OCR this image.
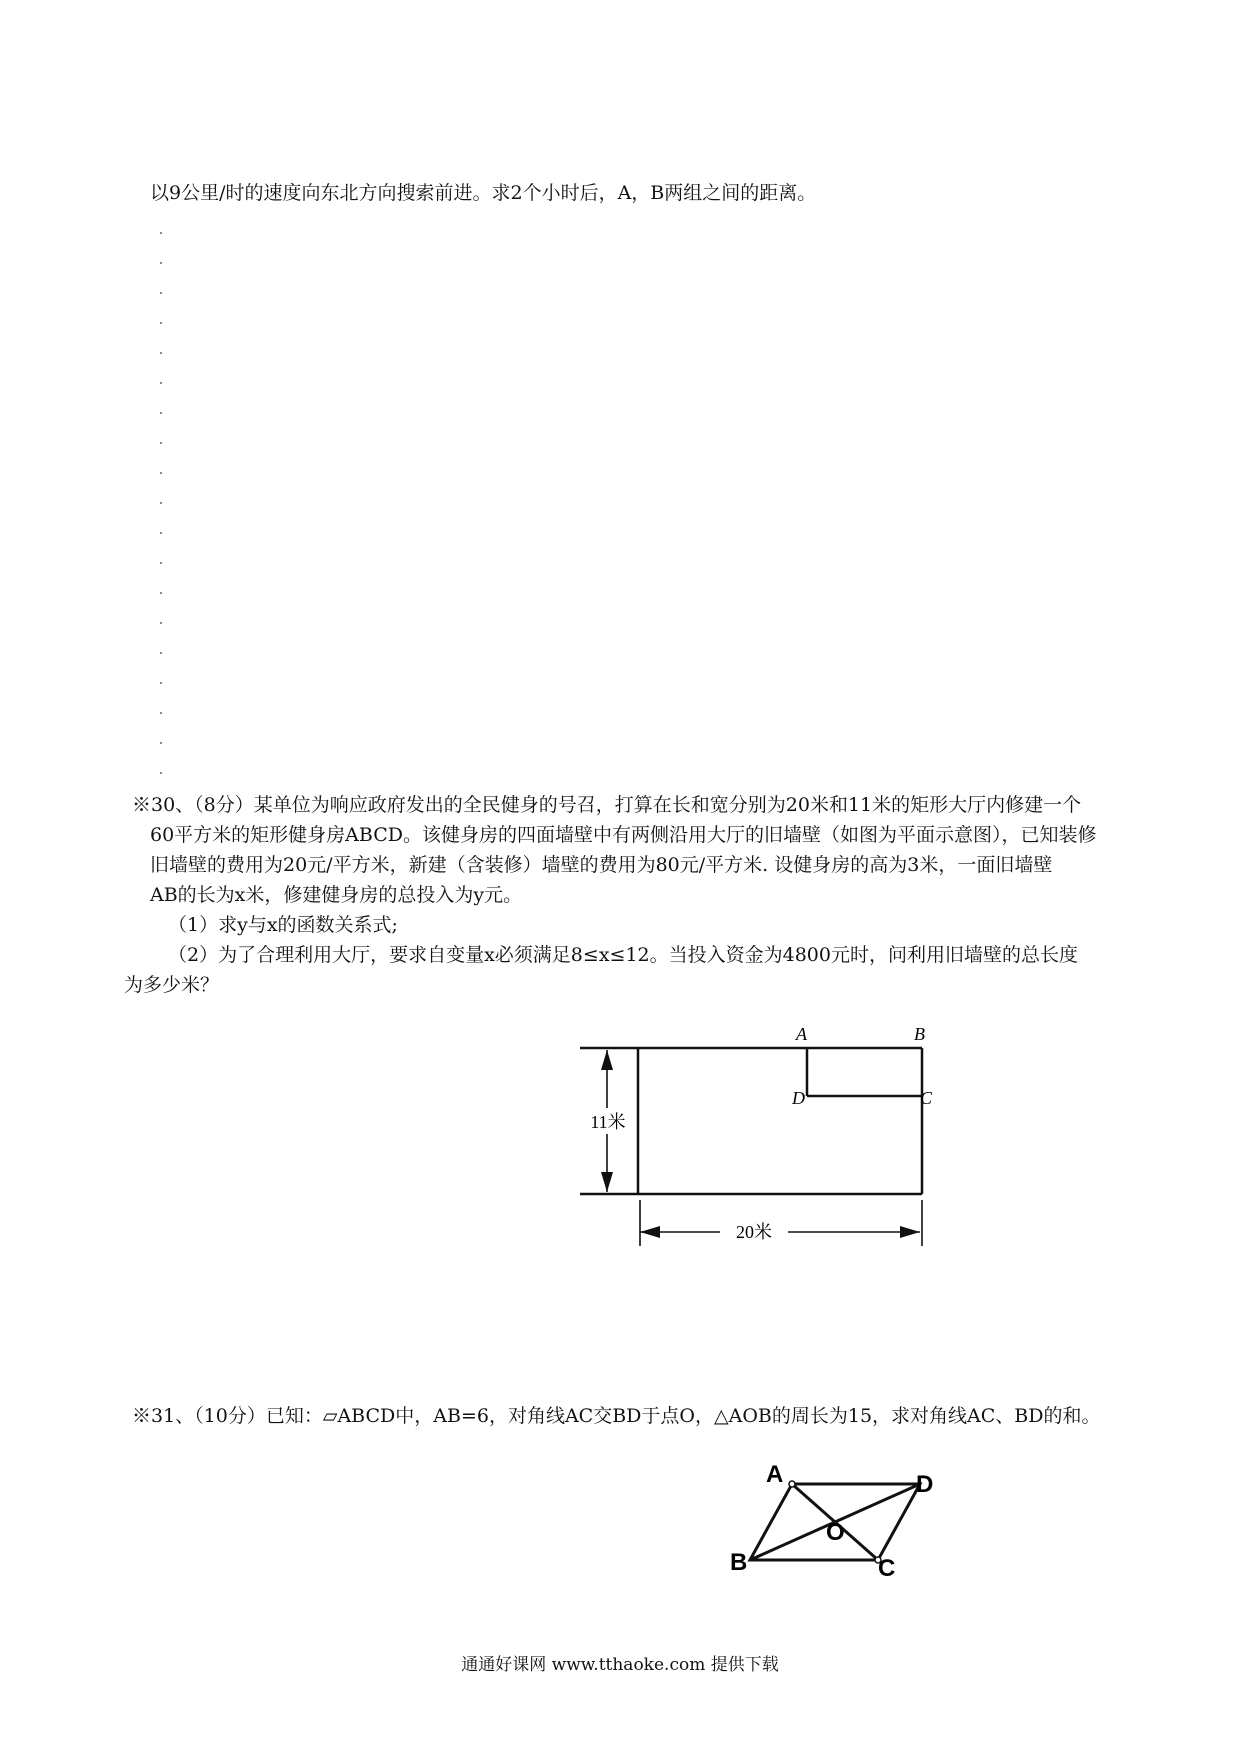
以9公里/时的速度向东北方向搜索前进。求2个小时后，A，B两组之间的距离。
※30、（8分）某单位为响应政府发出的全民健身的号召，打算在长和宽分别为20米和11米的矩形大厅内修建一个
60平方米的矩形健身房ABCD。该健身房的四面墙壁中有两侧沿用大厅的旧墙壁（如图为平面示意图），已知装修
旧墙壁的费用为20元/平方米，新建（含装修）墙壁的费用为80元/平方米. 设健身房的高为3米，一面旧墙壁
AB的长为x米，修建健身房的总投入为y元。
（1）求y与x的函数关系式;
（2）为了合理利用大厅，要求自变量x必须满足8≤x≤12。当投入资金为4800元时，问利用旧墙壁的总长度
为多少米？
11米
20米
A	B
D	C
※31、（10分）已知：▱ABCD中，AB=6，对角线AC交BD于点O，△AOB的周长为15，求对角线AC、BD的和。
A	D
B	C
O
通通好课网 www.tthaoke.com 提供下载
